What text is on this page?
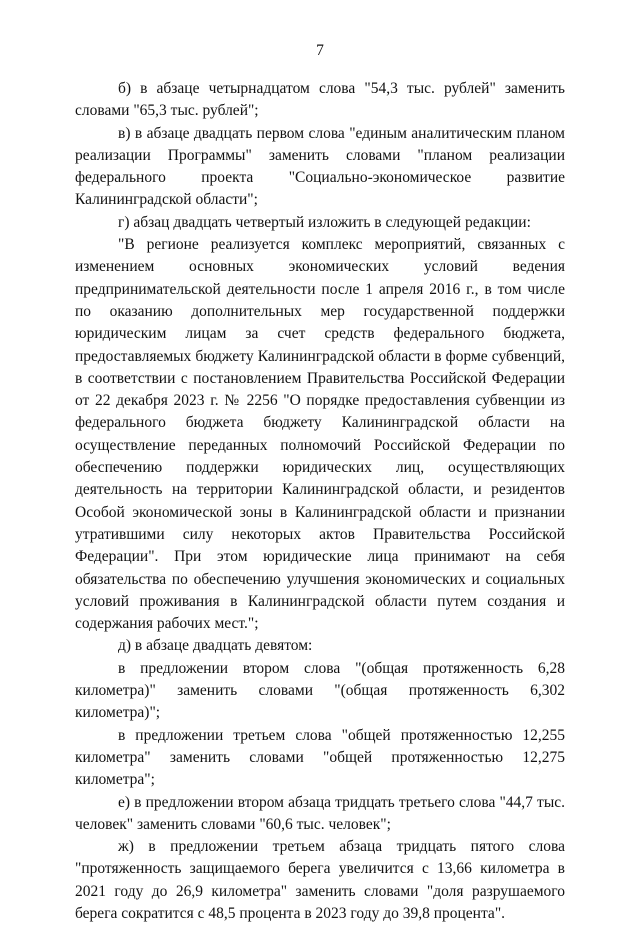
7

б) в абзаце четырнадцатом слова "54,3 тыс. рублей" заменить словами "65,3 тыс. рублей";

в) в абзаце двадцать первом слова "единым аналитическим планом реализации Программы" заменить словами "планом реализации федерального проекта "Социально-экономическое развитие Калининградской области";

г) абзац двадцать четвертый изложить в следующей редакции:

"В регионе реализуется комплекс мероприятий, связанных с изменением основных экономических условий ведения предпринимательской деятельности после 1 апреля 2016 г., в том числе по оказанию дополнительных мер государственной поддержки юридическим лицам за счет средств федерального бюджета, предоставляемых бюджету Калининградской области в форме субвенций, в соответствии с постановлением Правительства Российской Федерации от 22 декабря 2023 г. № 2256 "О порядке предоставления субвенции из федерального бюджета бюджету Калининградской области на осуществление переданных полномочий Российской Федерации по обеспечению поддержки юридических лиц, осуществляющих деятельность на территории Калининградской области, и резидентов Особой экономической зоны в Калининградской области и признании утратившими силу некоторых актов Правительства Российской Федерации". При этом юридические лица принимают на себя обязательства по обеспечению улучшения экономических и социальных условий проживания в Калининградской области путем создания и содержания рабочих мест.";

д) в абзаце двадцать девятом:

в предложении втором слова "(общая протяженность 6,28 километра)" заменить словами "(общая протяженность 6,302 километра)";

в предложении третьем слова "общей протяженностью 12,255 километра" заменить словами "общей протяженностью 12,275 километра";

е) в предложении втором абзаца тридцать третьего слова "44,7 тыс. человек" заменить словами "60,6 тыс. человек";

ж) в предложении третьем абзаца тридцать пятого слова "протяженность защищаемого берега увеличится с 13,66 километра в 2021 году до 26,9 километра" заменить словами "доля разрушаемого берега сократится с 48,5 процента в 2023 году до 39,8 процента".
